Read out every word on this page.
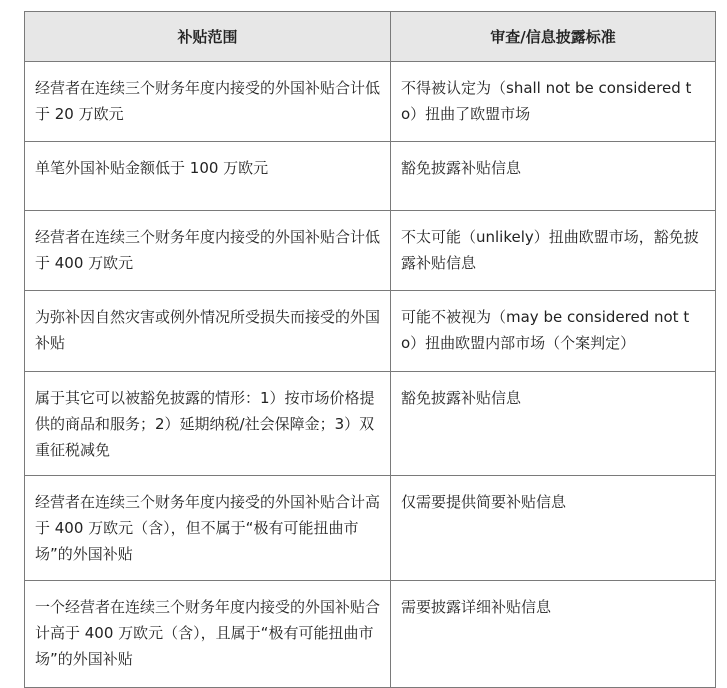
补贴范围	审查/信息披露标准
经营者在连续三个财务年度内接受的外国补贴合计低于 20 万欧元	不得被认定为（shall not be considered to）扭曲了欧盟市场
单笔外国补贴金额低于 100 万欧元	豁免披露补贴信息
经营者在连续三个财务年度内接受的外国补贴合计低于 400 万欧元	不太可能（unlikely）扭曲欧盟市场，豁免披露补贴信息
为弥补因自然灾害或例外情况所受损失而接受的外国补贴	可能不被视为（may be considered not to）扭曲欧盟内部市场（个案判定）
属于其它可以被豁免披露的情形：1）按市场价格提供的商品和服务；2）延期纳税/社会保障金；3）双重征税减免	豁免披露补贴信息
经营者在连续三个财务年度内接受的外国补贴合计高于 400 万欧元（含），但不属于“极有可能扭曲市场”的外国补贴	仅需要提供简要补贴信息
一个经营者在连续三个财务年度内接受的外国补贴合计高于 400 万欧元（含），且属于“极有可能扭曲市场”的外国补贴	需要披露详细补贴信息
